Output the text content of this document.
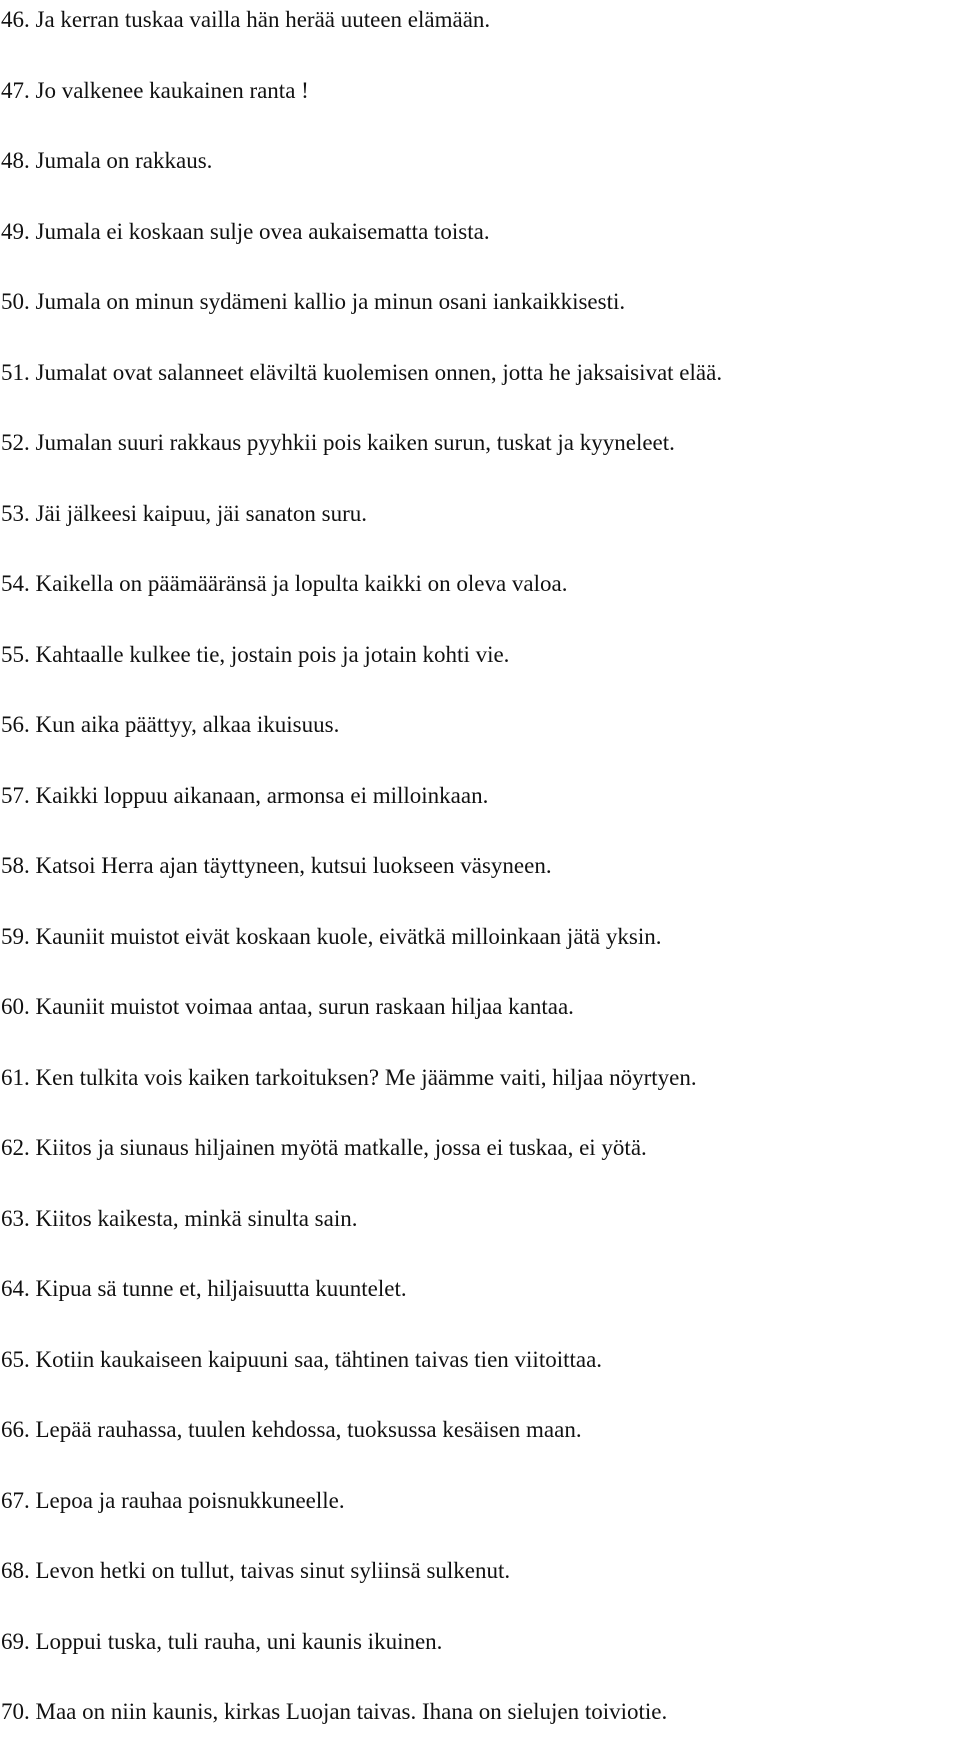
46. Ja kerran tuskaa vailla hän herää uuteen elämään.
47. Jo valkenee kaukainen ranta !
48. Jumala on rakkaus.
49. Jumala ei koskaan sulje ovea aukaisematta toista.
50. Jumala on minun sydämeni kallio ja minun osani iankaikkisesti.
51. Jumalat ovat salanneet eläviltä kuolemisen onnen, jotta he jaksaisivat elää.
52. Jumalan suuri rakkaus pyyhkii pois kaiken surun, tuskat ja kyyneleet.
53. Jäi jälkeesi kaipuu, jäi sanaton suru.
54. Kaikella on päämääränsä ja lopulta kaikki on oleva valoa.
55. Kahtaalle kulkee tie, jostain pois ja jotain kohti vie.
56. Kun aika päättyy, alkaa ikuisuus.
57. Kaikki loppuu aikanaan, armonsa ei milloinkaan.
58. Katsoi Herra ajan täyttyneen, kutsui luokseen väsyneen.
59. Kauniit muistot eivät koskaan kuole, eivätkä milloinkaan jätä yksin.
60. Kauniit muistot voimaa antaa, surun raskaan hiljaa kantaa.
61. Ken tulkita vois kaiken tarkoituksen? Me jäämme vaiti, hiljaa nöyrtyen.
62. Kiitos ja siunaus hiljainen myötä matkalle, jossa ei tuskaa, ei yötä.
63. Kiitos kaikesta, minkä sinulta sain.
64. Kipua sä tunne et, hiljaisuutta kuuntelet.
65. Kotiin kaukaiseen kaipuuni saa, tähtinen taivas tien viitoittaa.
66. Lepää rauhassa, tuulen kehdossa, tuoksussa kesäisen maan.
67. Lepoa ja rauhaa poisnukkuneelle.
68. Levon hetki on tullut, taivas sinut syliinsä sulkenut.
69. Loppui tuska, tuli rauha, uni kaunis ikuinen.
70. Maa on niin kaunis, kirkas Luojan taivas. Ihana on sielujen toiviotie.
